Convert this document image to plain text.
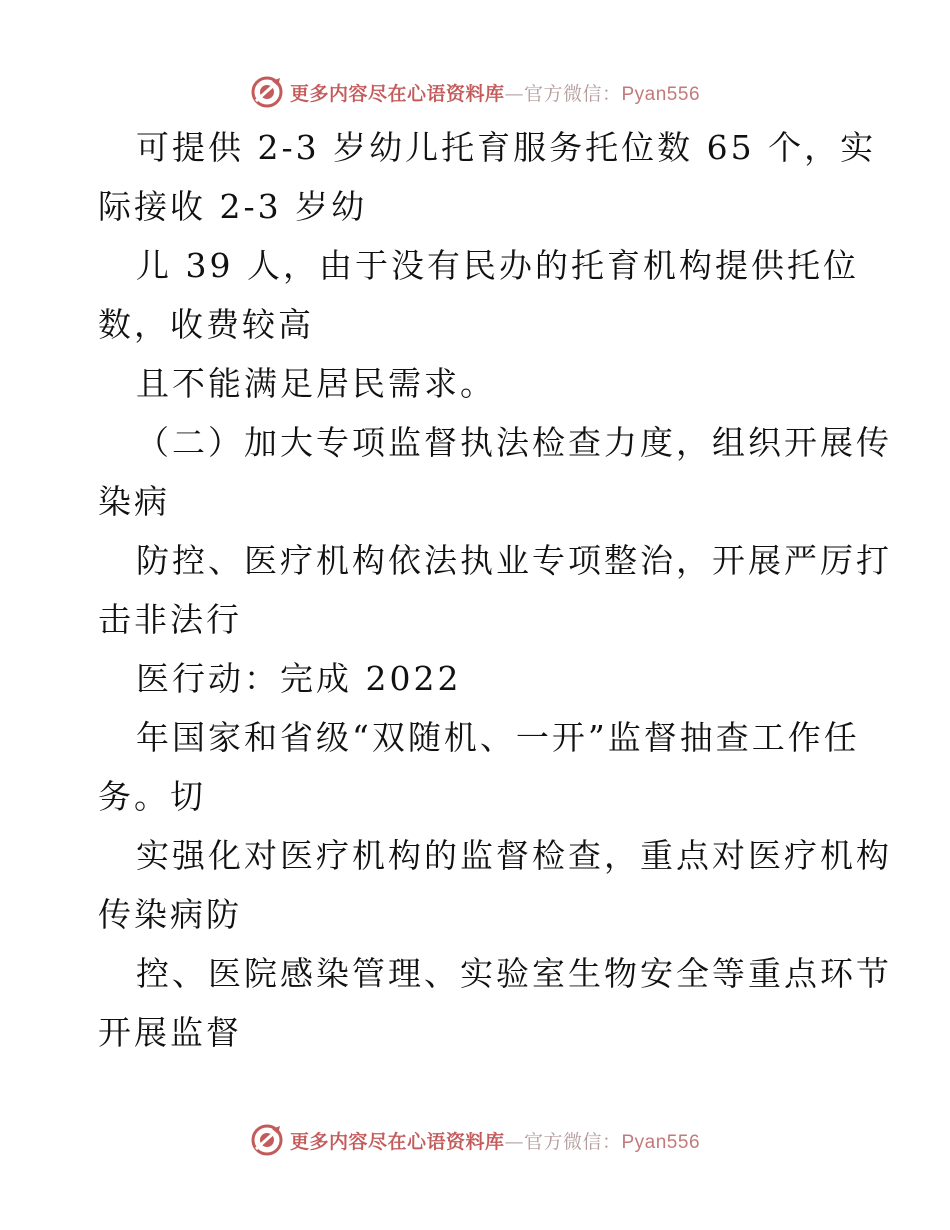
更多内容尽在心语资料库—官方微信：Pyan556
可提供 2-3 岁幼儿托育服务托位数 65 个，实
际接收 2-3 岁幼
儿 39 人，由于没有民办的托育机构提供托位
数，收费较高
且不能满足居民需求。
（二）加大专项监督执法检查力度，组织开展传
染病
防控、医疗机构依法执业专项整治，开展严厉打
击非法行
医行动：完成 2022
年国家和省级“双随机、一开”监督抽查工作任
务。切
实强化对医疗机构的监督检查，重点对医疗机构
传染病防
控、医院感染管理、实验室生物安全等重点环节
开展监督
更多内容尽在心语资料库—官方微信：Pyan556
